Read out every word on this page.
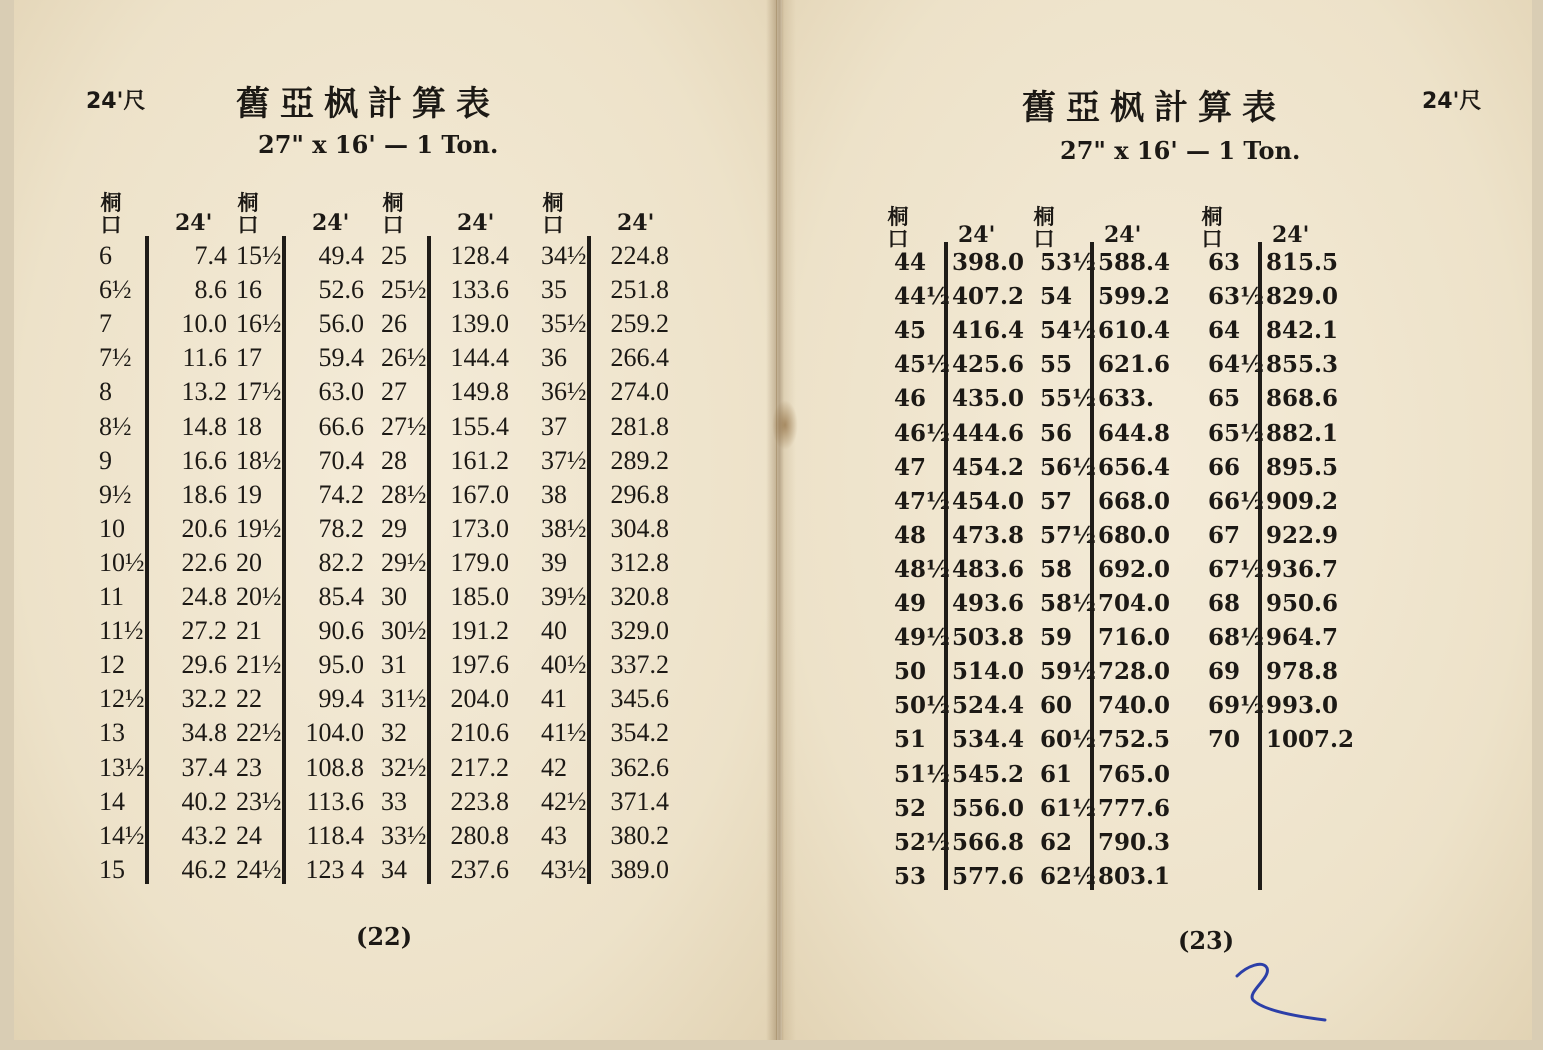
24'尺	舊亞枫計算表
27" x 16' — 1 Ton.
桐口 24'
6	7.4
6½	8.6
7	10.0
7½	11.6
8	13.2
8½	14.8
9	16.6
9½	18.6
10	20.6
10½	22.6
11	24.8
11½	27.2
12	29.6
12½	32.2
13	34.8
13½	37.4
14	40.2
14½	43.2
15	46.2
桐口 24'
15½	49.4
16	52.6
16½	56.0
17	59.4
17½	63.0
18	66.6
18½	70.4
19	74.2
19½	78.2
20	82.2
20½	85.4
21	90.6
21½	95.0
22	99.4
22½ 104.0
23	108.8
23½ 113.6
24	118.4
24½ 123 4
桐口 24'
25	128.4
25½ 133.6
26	139.0
26½ 144.4
27	149.8
27½ 155.4
28	161.2
28½ 167.0
29	173.0
29½ 179.0
30	185.0
30½ 191.2
31	197.6
31½ 204.0
32	210.6
32½ 217.2
33	223.8
33½ 280.8
34	237.6
桐口 24'
34½ 224.8
35	251.8
35½ 259.2
36	266.4
36½ 274.0
37	281.8
37½ 289.2
38	296.8
38½ 304.8
39	312.8
39½ 320.8
40	329.0
40½ 337.2
41	345.6
41½ 354.2
42	362.6
42½ 371.4
43	380.2
43½ 389.0
(22)
舊亞枫計算表	24'尺
27" x 16' — 1 Ton.
桐口 24'
44 398.0
44½ 407.2
45 416.4
45½ 425.6
46 435.0
46½ 444.6
47 454.2
47½ 454.0
48 473.8
48½ 483.6
49 493.6
49½ 503.8
50 514.0
50½ 524.4
51 534.4
51½ 545.2
52 556.0
52½ 566.8
53 577.6
桐口 24'
53½ 588.4
54 599.2
54½ 610.4
55 621.6
55½ 633.
56 644.8
56½ 656.4
57 668.0
57½ 680.0
58 692.0
58½ 704.0
59 716.0
59½ 728.0
60 740.0
60½ 752.5
61 765.0
61½ 777.6
62 790.3
62½ 803.1
桐口 24'
63 815.5
63½ 829.0
64 842.1
64½ 855.3
65 868.6
65½ 882.1
66 895.5
66½ 909.2
67 922.9
67½ 936.7
68 950.6
68½ 964.7
69 978.8
69½ 993.0
70 1007.2
(23)
